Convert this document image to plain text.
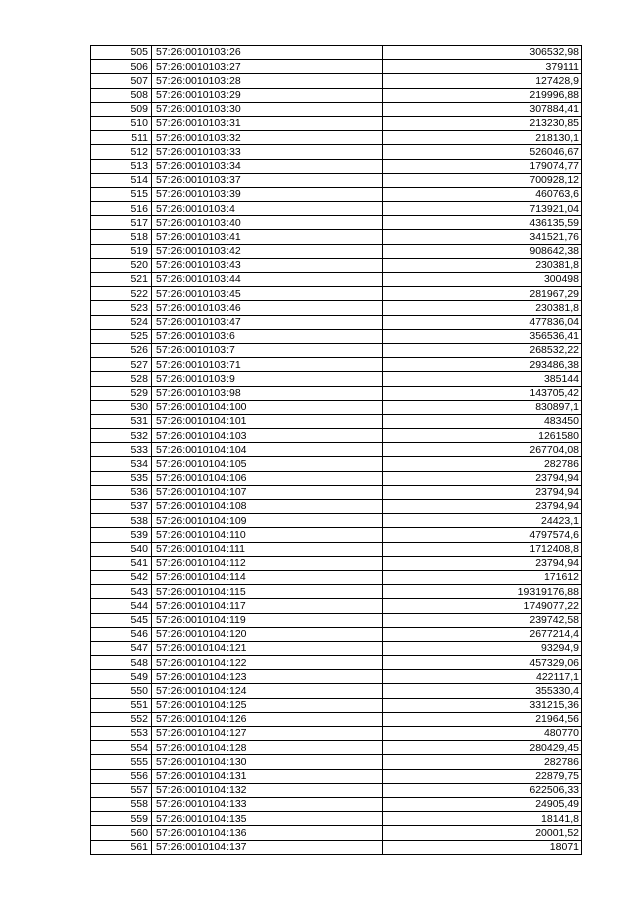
505	57:26:0010103:26	306532,98
506	57:26:0010103:27	379111
507	57:26:0010103:28	127428,9
508	57:26:0010103:29	219996,88
509	57:26:0010103:30	307884,41
510	57:26:0010103:31	213230,85
511	57:26:0010103:32	218130,1
512	57:26:0010103:33	526046,67
513	57:26:0010103:34	179074,77
514	57:26:0010103:37	700928,12
515	57:26:0010103:39	460763,6
516	57:26:0010103:4	713921,04
517	57:26:0010103:40	436135,59
518	57:26:0010103:41	341521,76
519	57:26:0010103:42	908642,38
520	57:26:0010103:43	230381,8
521	57:26:0010103:44	300498
522	57:26:0010103:45	281967,29
523	57:26:0010103:46	230381,8
524	57:26:0010103:47	477836,04
525	57:26:0010103:6	356536,41
526	57:26:0010103:7	268532,22
527	57:26:0010103:71	293486,38
528	57:26:0010103:9	385144
529	57:26:0010103:98	143705,42
530	57:26:0010104:100	830897,1
531	57:26:0010104:101	483450
532	57:26:0010104:103	1261580
533	57:26:0010104:104	267704,08
534	57:26:0010104:105	282786
535	57:26:0010104:106	23794,94
536	57:26:0010104:107	23794,94
537	57:26:0010104:108	23794,94
538	57:26:0010104:109	24423,1
539	57:26:0010104:110	4797574,6
540	57:26:0010104:111	1712408,8
541	57:26:0010104:112	23794,94
542	57:26:0010104:114	171612
543	57:26:0010104:115	19319176,88
544	57:26:0010104:117	1749077,22
545	57:26:0010104:119	239742,58
546	57:26:0010104:120	2677214,4
547	57:26:0010104:121	93294,9
548	57:26:0010104:122	457329,06
549	57:26:0010104:123	422117,1
550	57:26:0010104:124	355330,4
551	57:26:0010104:125	331215,36
552	57:26:0010104:126	21964,56
553	57:26:0010104:127	480770
554	57:26:0010104:128	280429,45
555	57:26:0010104:130	282786
556	57:26:0010104:131	22879,75
557	57:26:0010104:132	622506,33
558	57:26:0010104:133	24905,49
559	57:26:0010104:135	18141,8
560	57:26:0010104:136	20001,52
561	57:26:0010104:137	18071
